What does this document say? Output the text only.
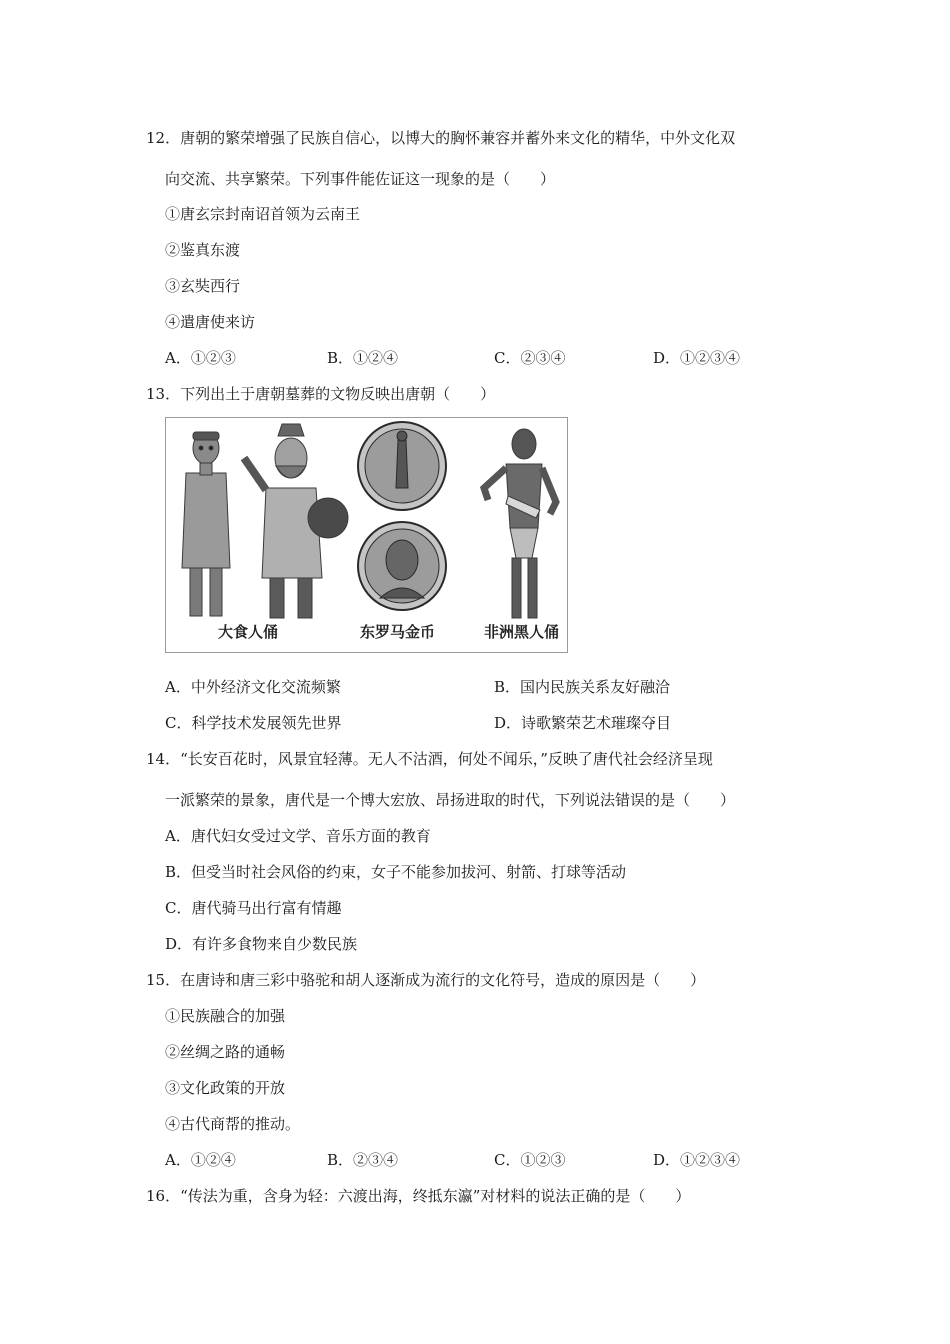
12．唐朝的繁荣增强了民族自信心，以博大的胸怀兼容并蓄外来文化的精华，中外文化双
向交流、共享繁荣。下列事件能佐证这一现象的是（　　）
①唐玄宗封南诏首领为云南王
②鉴真东渡
③玄奘西行
④遣唐使来访
A．①②③	B．①②④	C．②③④	D．①②③④
13．下列出土于唐朝墓葬的文物反映出唐朝（　　）
大食人俑	东罗马金币	非洲黑人俑
A．中外经济文化交流频繁	B．国内民族关系友好融洽
C．科学技术发展领先世界	D．诗歌繁荣艺术璀璨夺目
14．“长安百花时，风景宜轻薄。无人不沽酒，何处不闻乐，”反映了唐代社会经济呈现
一派繁荣的景象，唐代是一个博大宏放、昂扬进取的时代，下列说法错误的是（　　）
A．唐代妇女受过文学、音乐方面的教育
B．但受当时社会风俗的约束，女子不能参加拔河、射箭、打球等活动
C．唐代骑马出行富有情趣
D．有许多食物来自少数民族
15．在唐诗和唐三彩中骆驼和胡人逐渐成为流行的文化符号，造成的原因是（　　）
①民族融合的加强
②丝绸之路的通畅
③文化政策的开放
④古代商帮的推动。
A．①②④	B．②③④	C．①②③	D．①②③④
16．“传法为重，含身为轻：六渡出海，终抵东瀛”对材料的说法正确的是（　　）
